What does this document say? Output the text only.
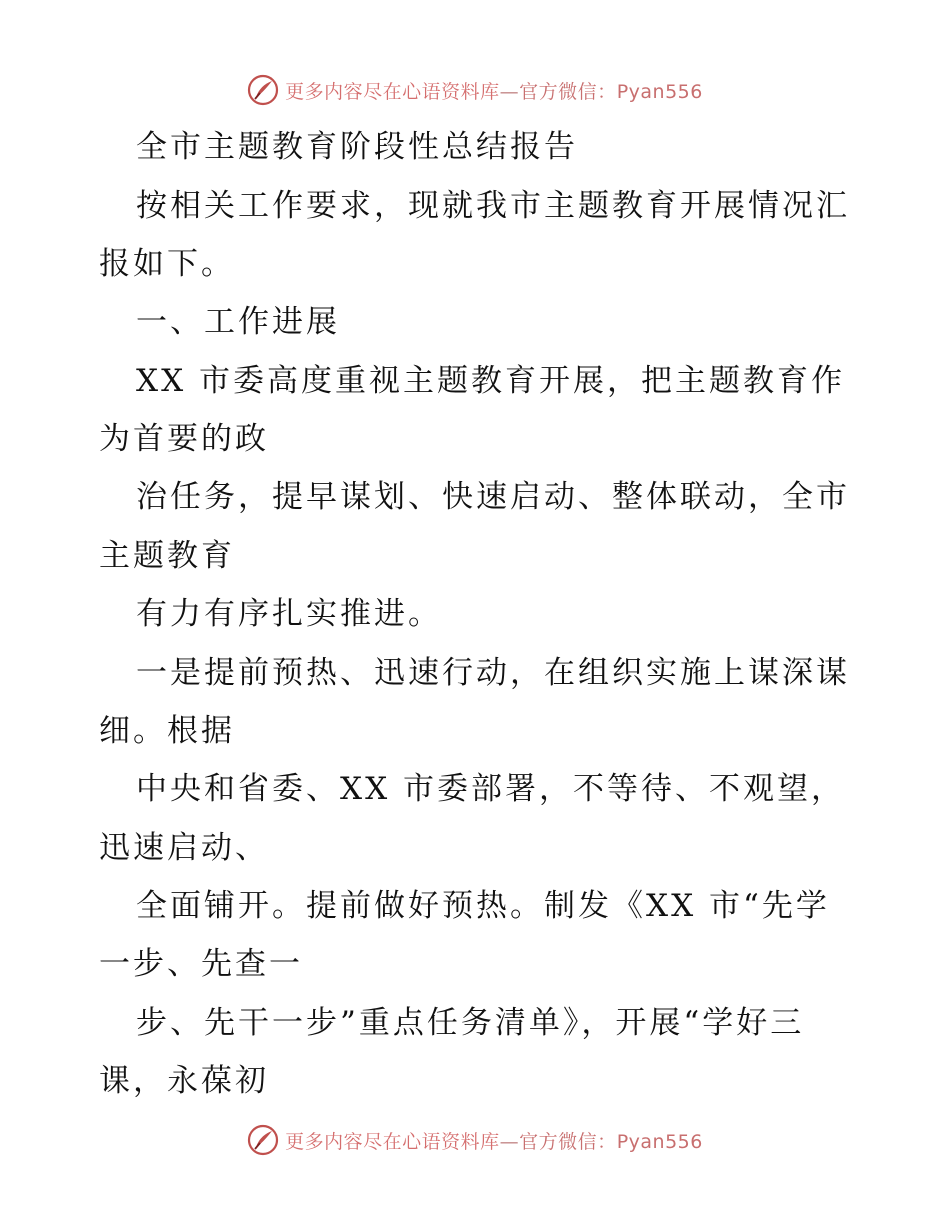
更多内容尽在心语资料库—官方微信：Pyan556
全市主题教育阶段性总结报告
按相关工作要求，现就我市主题教育开展情况汇
报如下。
一、工作进展
XX 市委高度重视主题教育开展，把主题教育作
为首要的政
治任务，提早谋划、快速启动、整体联动，全市
主题教育
有力有序扎实推进。
一是提前预热、迅速行动，在组织实施上谋深谋
细。根据
中央和省委、XX 市委部署，不等待、不观望，
迅速启动、
全面铺开。提前做好预热。制发《XX 市“先学
一步、先查一
步、先干一步”重点任务清单》，开展“学好三
课，永葆初
更多内容尽在心语资料库—官方微信：Pyan556
